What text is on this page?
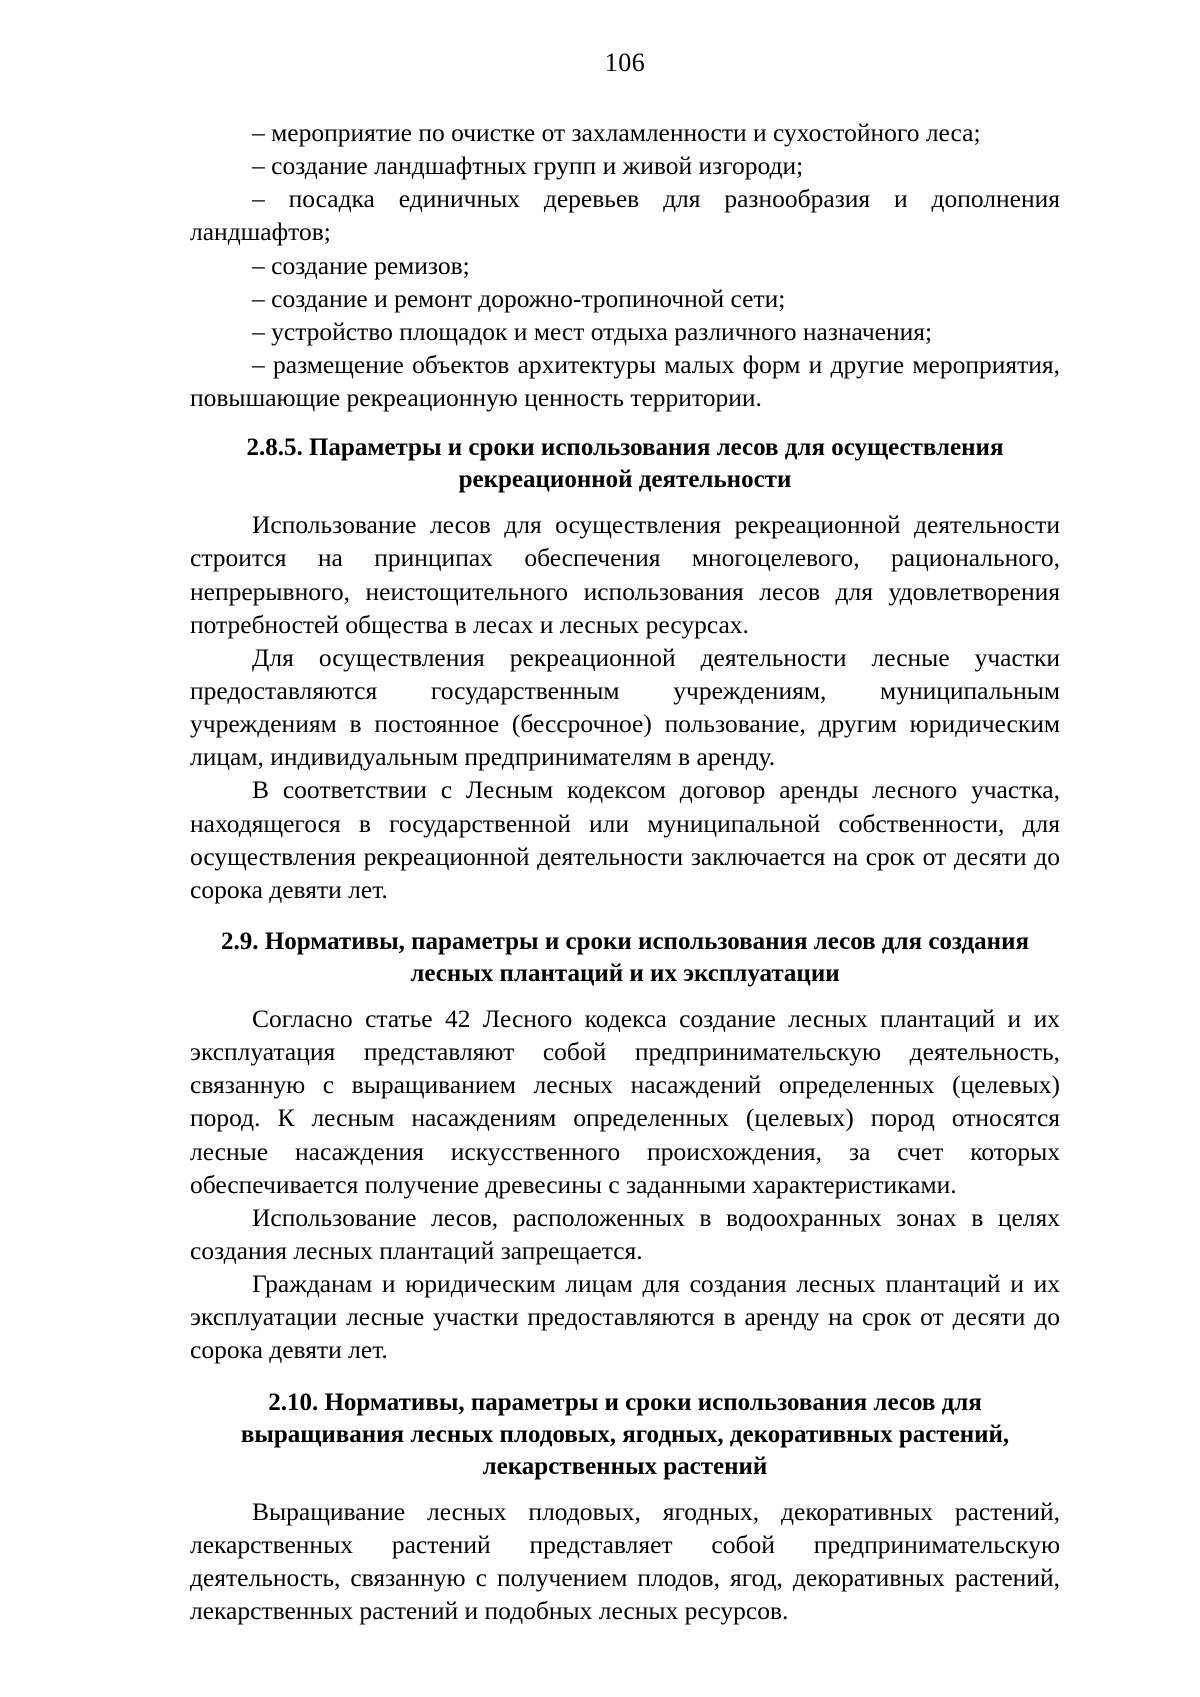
106

– мероприятие по очистке от захламленности и сухостойного леса;

– создание ландшафтных групп и живой изгороди;

– посадка единичных деревьев для разнообразия и дополнения ландшафтов;

– создание ремизов;

– создание и ремонт дорожно-тропиночной сети;

– устройство площадок и мест отдыха различного назначения;

– размещение объектов архитектуры малых форм и другие мероприятия, повышающие рекреационную ценность территории.

2.8.5. Параметры и сроки использования лесов для осуществления рекреационной деятельности

Использование лесов для осуществления рекреационной деятельности строится на принципах обеспечения многоцелевого, рационального, непрерывного, неистощительного использования лесов для удовлетворения потребностей общества в лесах и лесных ресурсах.

Для осуществления рекреационной деятельности лесные участки предоставляются государственным учреждениям, муниципальным учреждениям в постоянное (бессрочное) пользование, другим юридическим лицам, индивидуальным предпринимателям в аренду.

В соответствии с Лесным кодексом договор аренды лесного участка, находящегося в государственной или муниципальной собственности, для осуществления рекреационной деятельности заключается на срок от десяти до сорока девяти лет.

2.9. Нормативы, параметры и сроки использования лесов для создания лесных плантаций и их эксплуатации

Согласно статье 42 Лесного кодекса создание лесных плантаций и их эксплуатация представляют собой предпринимательскую деятельность, связанную с выращиванием лесных насаждений определенных (целевых) пород. К лесным насаждениям определенных (целевых) пород относятся лесные насаждения искусственного происхождения, за счет которых обеспечивается получение древесины с заданными характеристиками.

Использование лесов, расположенных в водоохранных зонах в целях создания лесных плантаций запрещается.

Гражданам и юридическим лицам для создания лесных плантаций и их эксплуатации лесные участки предоставляются в аренду на срок от десяти до сорока девяти лет.

2.10. Нормативы, параметры и сроки использования лесов для выращивания лесных плодовых, ягодных, декоративных растений, лекарственных растений

Выращивание лесных плодовых, ягодных, декоративных растений, лекарственных растений представляет собой предпринимательскую деятельность, связанную с получением плодов, ягод, декоративных растений, лекарственных растений и подобных лесных ресурсов.
